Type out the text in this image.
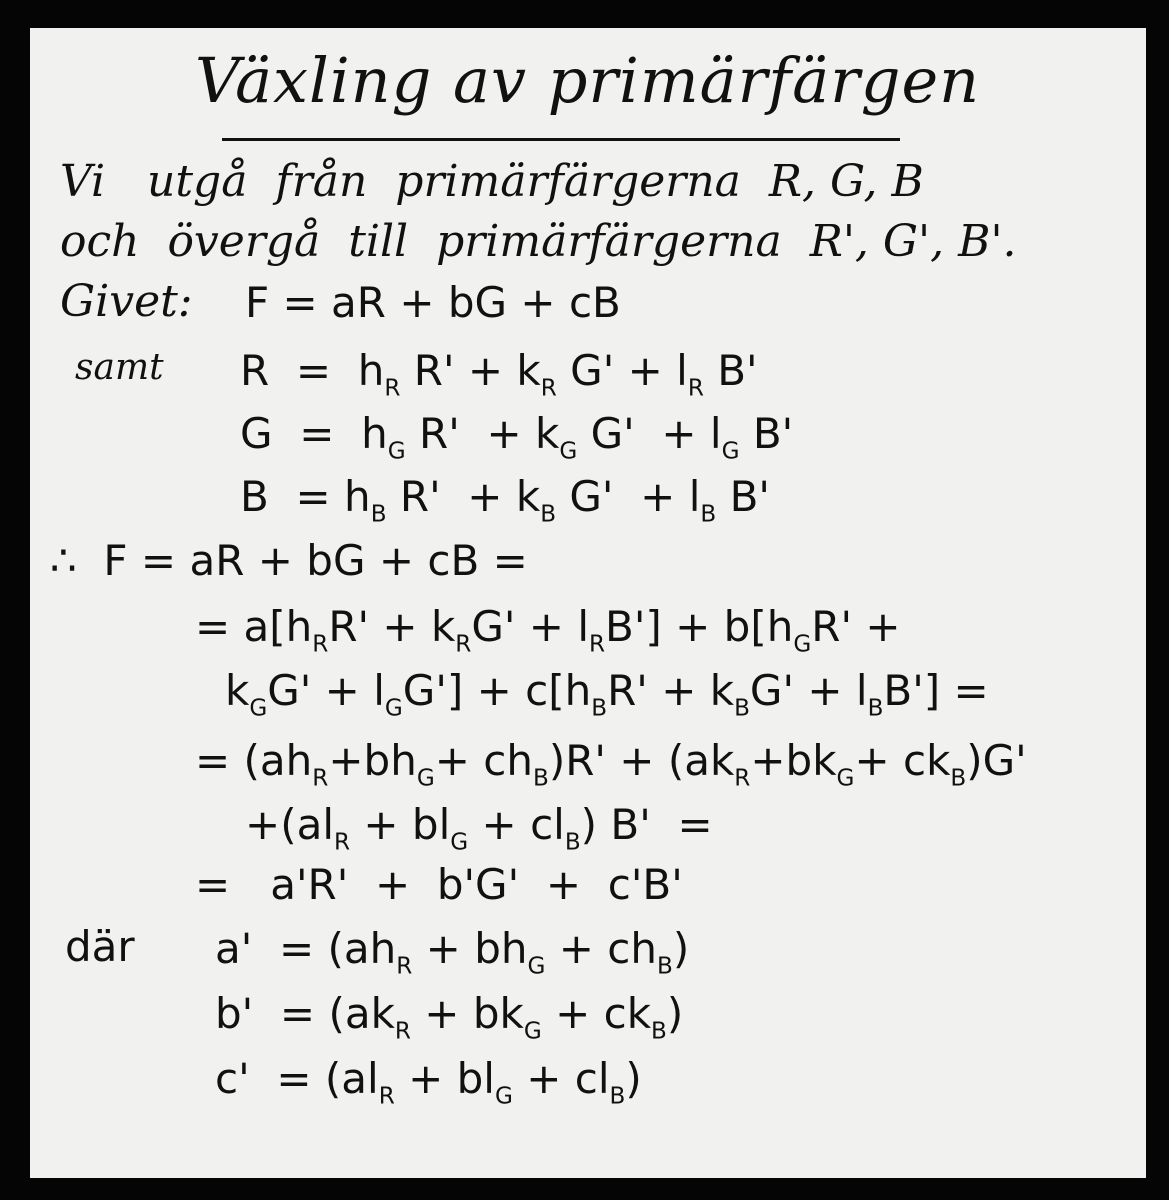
Växling av primärfärgen
Vi   utgå  från  primärfärgerna  R, G, B
och  övergå  till  primärfärgerna  R', G', B'.
Givet: F = aR + bG + cB
samt $R = h_R$ $R' + k_R$ $G' + l_R$ B'
$G = h_G$ $R' + k_G$ $G' + l_G$ B'
$B = h_B$ $R' + k_B$ $G' + l_B$ B'
∴  F = aR + bG + cB =
= $a[h_RR' + k_RG' + l_RB'] + b[h_GR'$ +
$k_GG' + l_GG'] + c[h_BR' + k_BG' + l_BB']$ =
= $(ah_R+bh_G+ ch_B)R' + (ak_R+bk_G+ ck_B)G'$
$+(al_R + bl_G + cl_B) B'$  =
=   a'R'  +  b'G'  +  c'B'
där $a' = (ah_R + bh_G + ch_B)$
$b' = (ak_R + bk_G + ck_B)$
$c' = (al_R + bl_G + cl_B)$
